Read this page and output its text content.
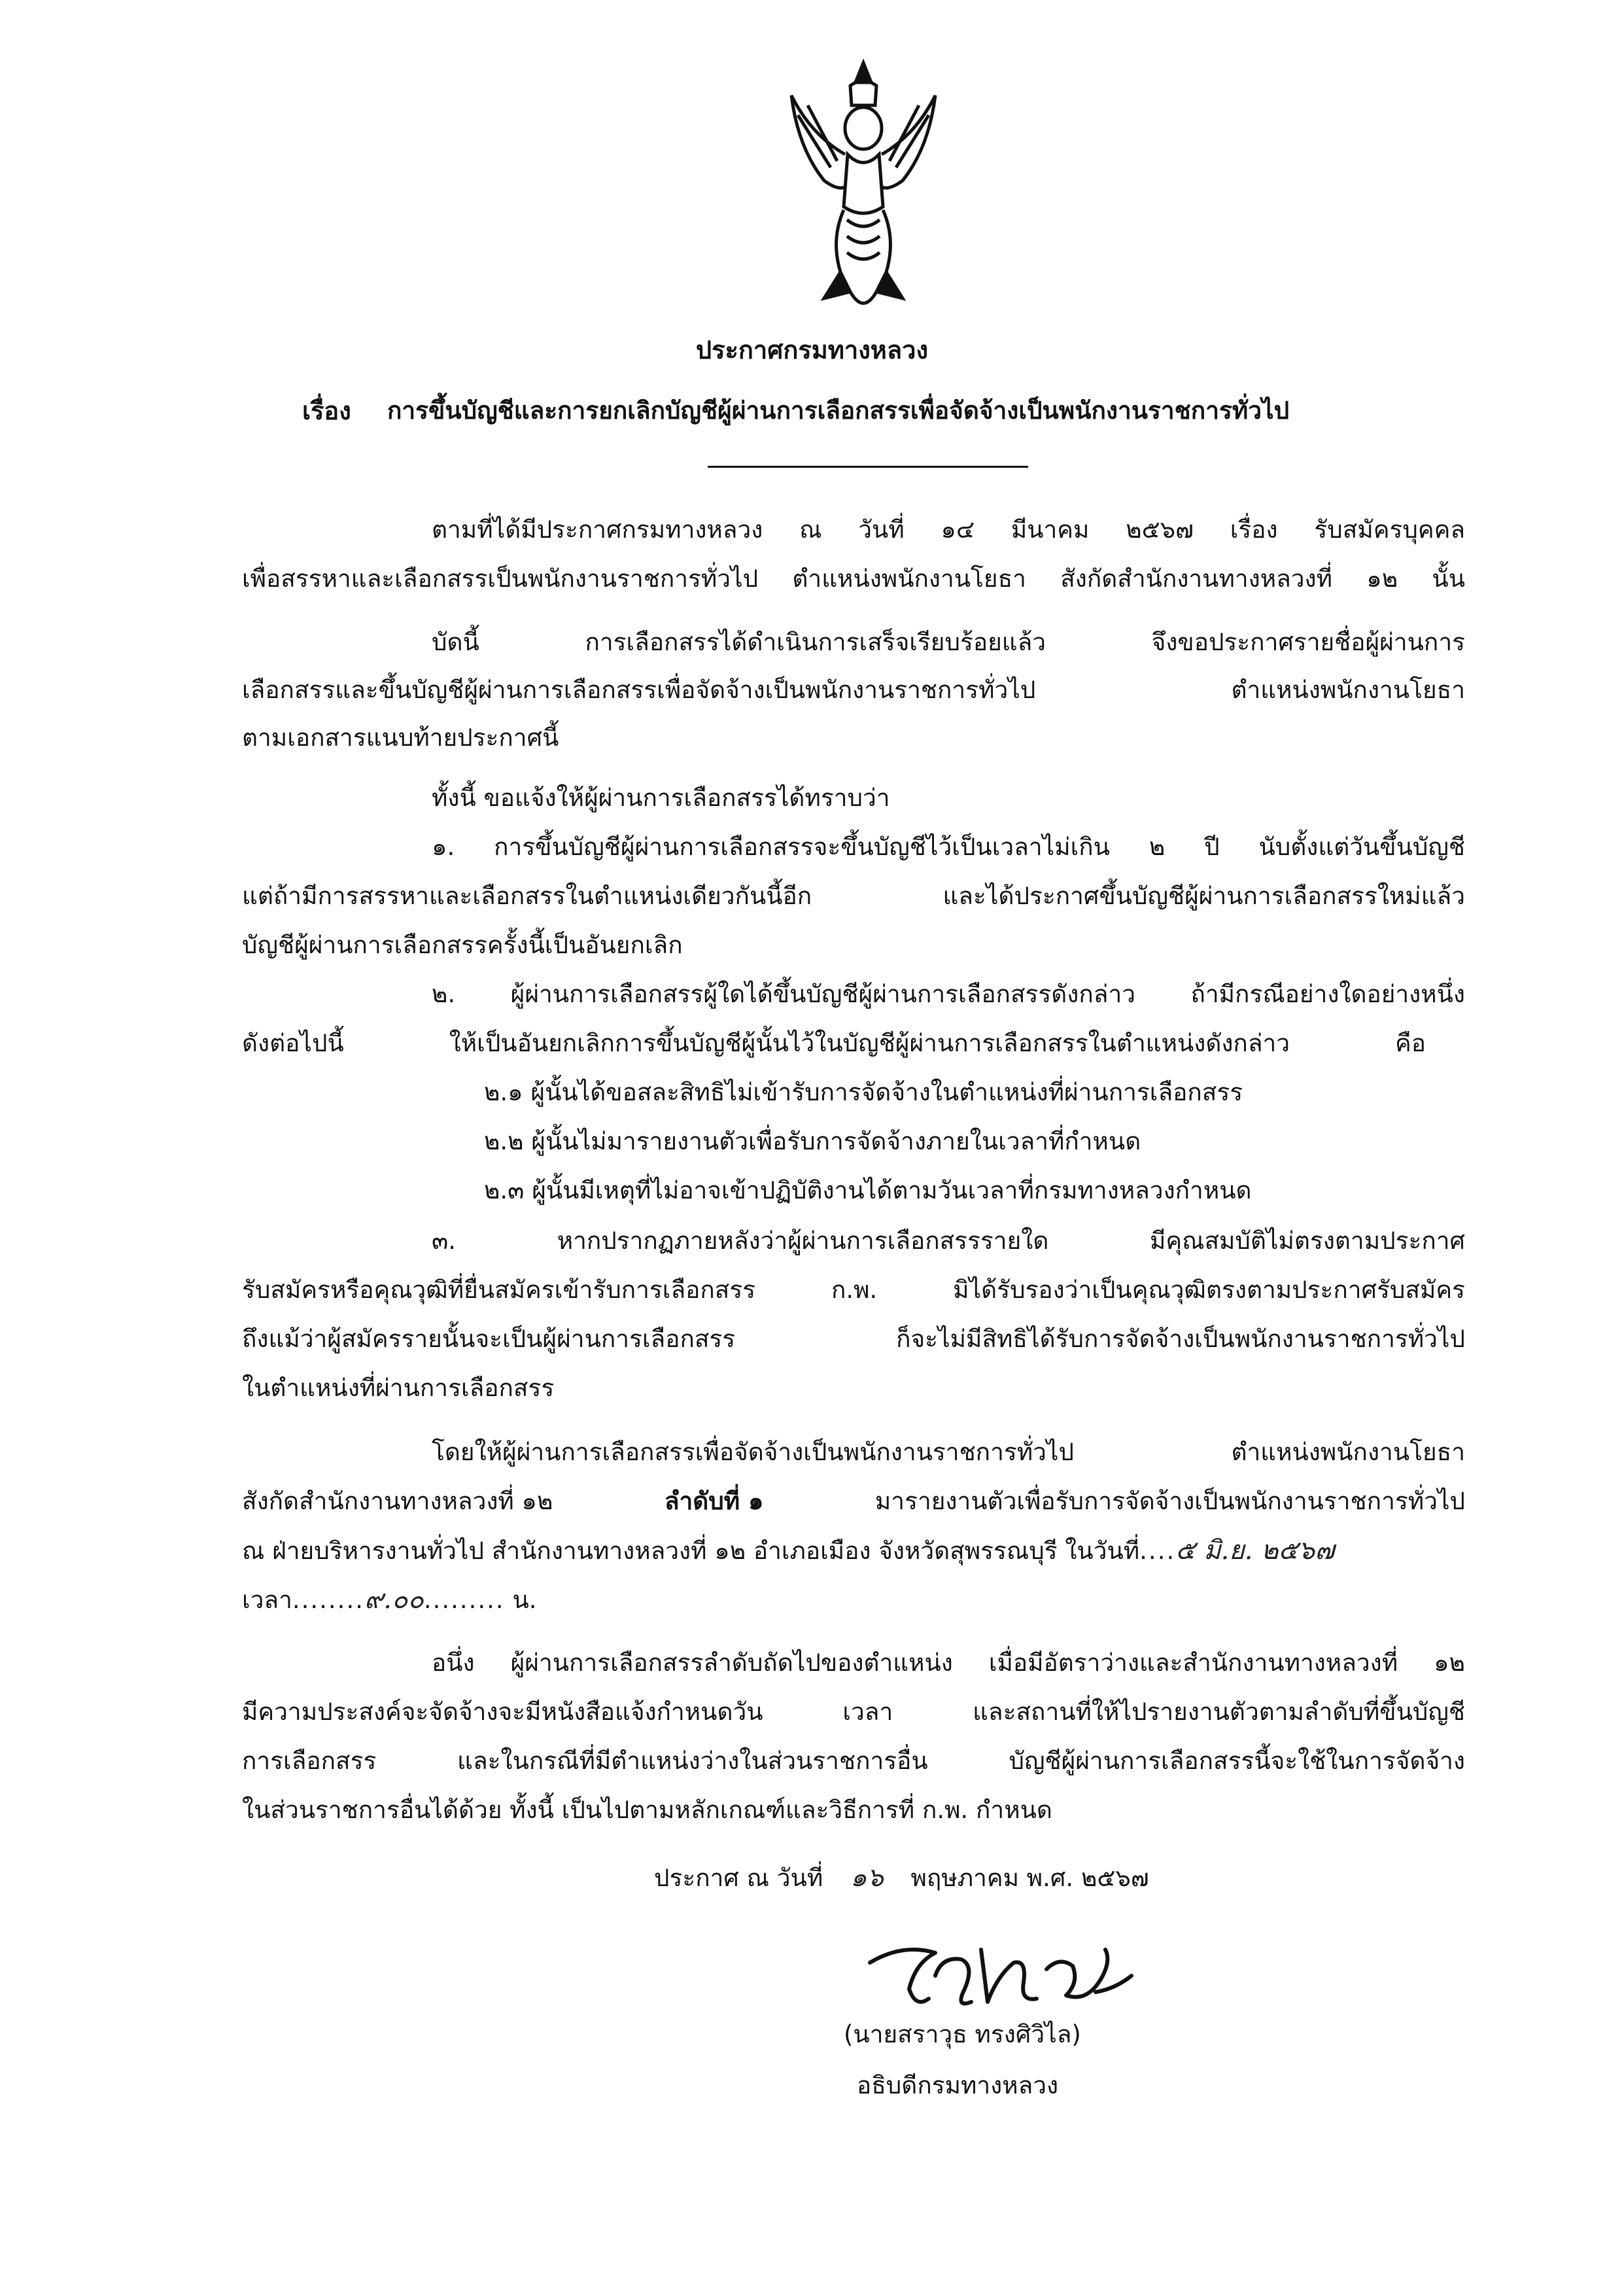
ประกาศกรมทางหลวง
เรื่อง การขึ้นบัญชีและการยกเลิกบัญชีผู้ผ่านการเลือกสรรเพื่อจัดจ้างเป็นพนักงานราชการทั่วไป
ตามที่ได้มีประกาศกรมทางหลวง ณ วันที่ ๑๔ มีนาคม ๒๕๖๗ เรื่อง รับสมัครบุคคล
เพื่อสรรหาและเลือกสรรเป็นพนักงานราชการทั่วไป ตำแหน่งพนักงานโยธา สังกัดสำนักงานทางหลวงที่ ๑๒ นั้น
บัดนี้ การเลือกสรรได้ดำเนินการเสร็จเรียบร้อยแล้ว จึงขอประกาศรายชื่อผู้ผ่านการ
เลือกสรรและขึ้นบัญชีผู้ผ่านการเลือกสรรเพื่อจัดจ้างเป็นพนักงานราชการทั่วไป ตำแหน่งพนักงานโยธา
ตามเอกสารแนบท้ายประกาศนี้
ทั้งนี้ ขอแจ้งให้ผู้ผ่านการเลือกสรรได้ทราบว่า
๑. การขึ้นบัญชีผู้ผ่านการเลือกสรรจะขึ้นบัญชีไว้เป็นเวลาไม่เกิน ๒ ปี นับตั้งแต่วันขึ้นบัญชี
แต่ถ้ามีการสรรหาและเลือกสรรในตำแหน่งเดียวกันนี้อีก และได้ประกาศขึ้นบัญชีผู้ผ่านการเลือกสรรใหม่แล้ว
บัญชีผู้ผ่านการเลือกสรรครั้งนี้เป็นอันยกเลิก
๒. ผู้ผ่านการเลือกสรรผู้ใดได้ขึ้นบัญชีผู้ผ่านการเลือกสรรดังกล่าว ถ้ามีกรณีอย่างใดอย่างหนึ่ง
ดังต่อไปนี้ ให้เป็นอันยกเลิกการขึ้นบัญชีผู้นั้นไว้ในบัญชีผู้ผ่านการเลือกสรรในตำแหน่งดังกล่าว คือ
๒.๑ ผู้นั้นได้ขอสละสิทธิไม่เข้ารับการจัดจ้างในตำแหน่งที่ผ่านการเลือกสรร
๒.๒ ผู้นั้นไม่มารายงานตัวเพื่อรับการจัดจ้างภายในเวลาที่กำหนด
๒.๓ ผู้นั้นมีเหตุที่ไม่อาจเข้าปฏิบัติงานได้ตามวันเวลาที่กรมทางหลวงกำหนด
๓. หากปรากฏภายหลังว่าผู้ผ่านการเลือกสรรรายใด มีคุณสมบัติไม่ตรงตามประกาศ
รับสมัครหรือคุณวุฒิที่ยื่นสมัครเข้ารับการเลือกสรร ก.พ. มิได้รับรองว่าเป็นคุณวุฒิตรงตามประกาศรับสมัคร
ถึงแม้ว่าผู้สมัครรายนั้นจะเป็นผู้ผ่านการเลือกสรร ก็จะไม่มีสิทธิได้รับการจัดจ้างเป็นพนักงานราชการทั่วไป
ในตำแหน่งที่ผ่านการเลือกสรร
โดยให้ผู้ผ่านการเลือกสรรเพื่อจัดจ้างเป็นพนักงานราชการทั่วไป ตำแหน่งพนักงานโยธา
สังกัดสำนักงานทางหลวงที่ ๑๒	ลำดับที่ ๑	มารายงานตัวเพื่อรับการจัดจ้างเป็นพนักงานราชการทั่วไป
ณ ฝ่ายบริหารงานทั่วไป สำนักงานทางหลวงที่ ๑๒ อำเภอเมือง จังหวัดสุพรรณบุรี ในวันที่....๕ มิ.ย. ๒๕๖๗
เวลา........๙.๐๐......... น.
อนึ่ง ผู้ผ่านการเลือกสรรลำดับถัดไปของตำแหน่ง เมื่อมีอัตราว่างและสำนักงานทางหลวงที่ ๑๒
มีความประสงค์จะจัดจ้างจะมีหนังสือแจ้งกำหนดวัน เวลา และสถานที่ให้ไปรายงานตัวตามลำดับที่ขึ้นบัญชี
การเลือกสรร และในกรณีที่มีตำแหน่งว่างในส่วนราชการอื่น บัญชีผู้ผ่านการเลือกสรรนี้จะใช้ในการจัดจ้าง
ในส่วนราชการอื่นได้ด้วย ทั้งนี้ เป็นไปตามหลักเกณฑ์และวิธีการที่ ก.พ. กำหนด
ประกาศ ณ วันที่ ๑๖ พฤษภาคม พ.ศ. ๒๕๖๗
(นายสราวุธ ทรงศิวิไล)
อธิบดีกรมทางหลวง
